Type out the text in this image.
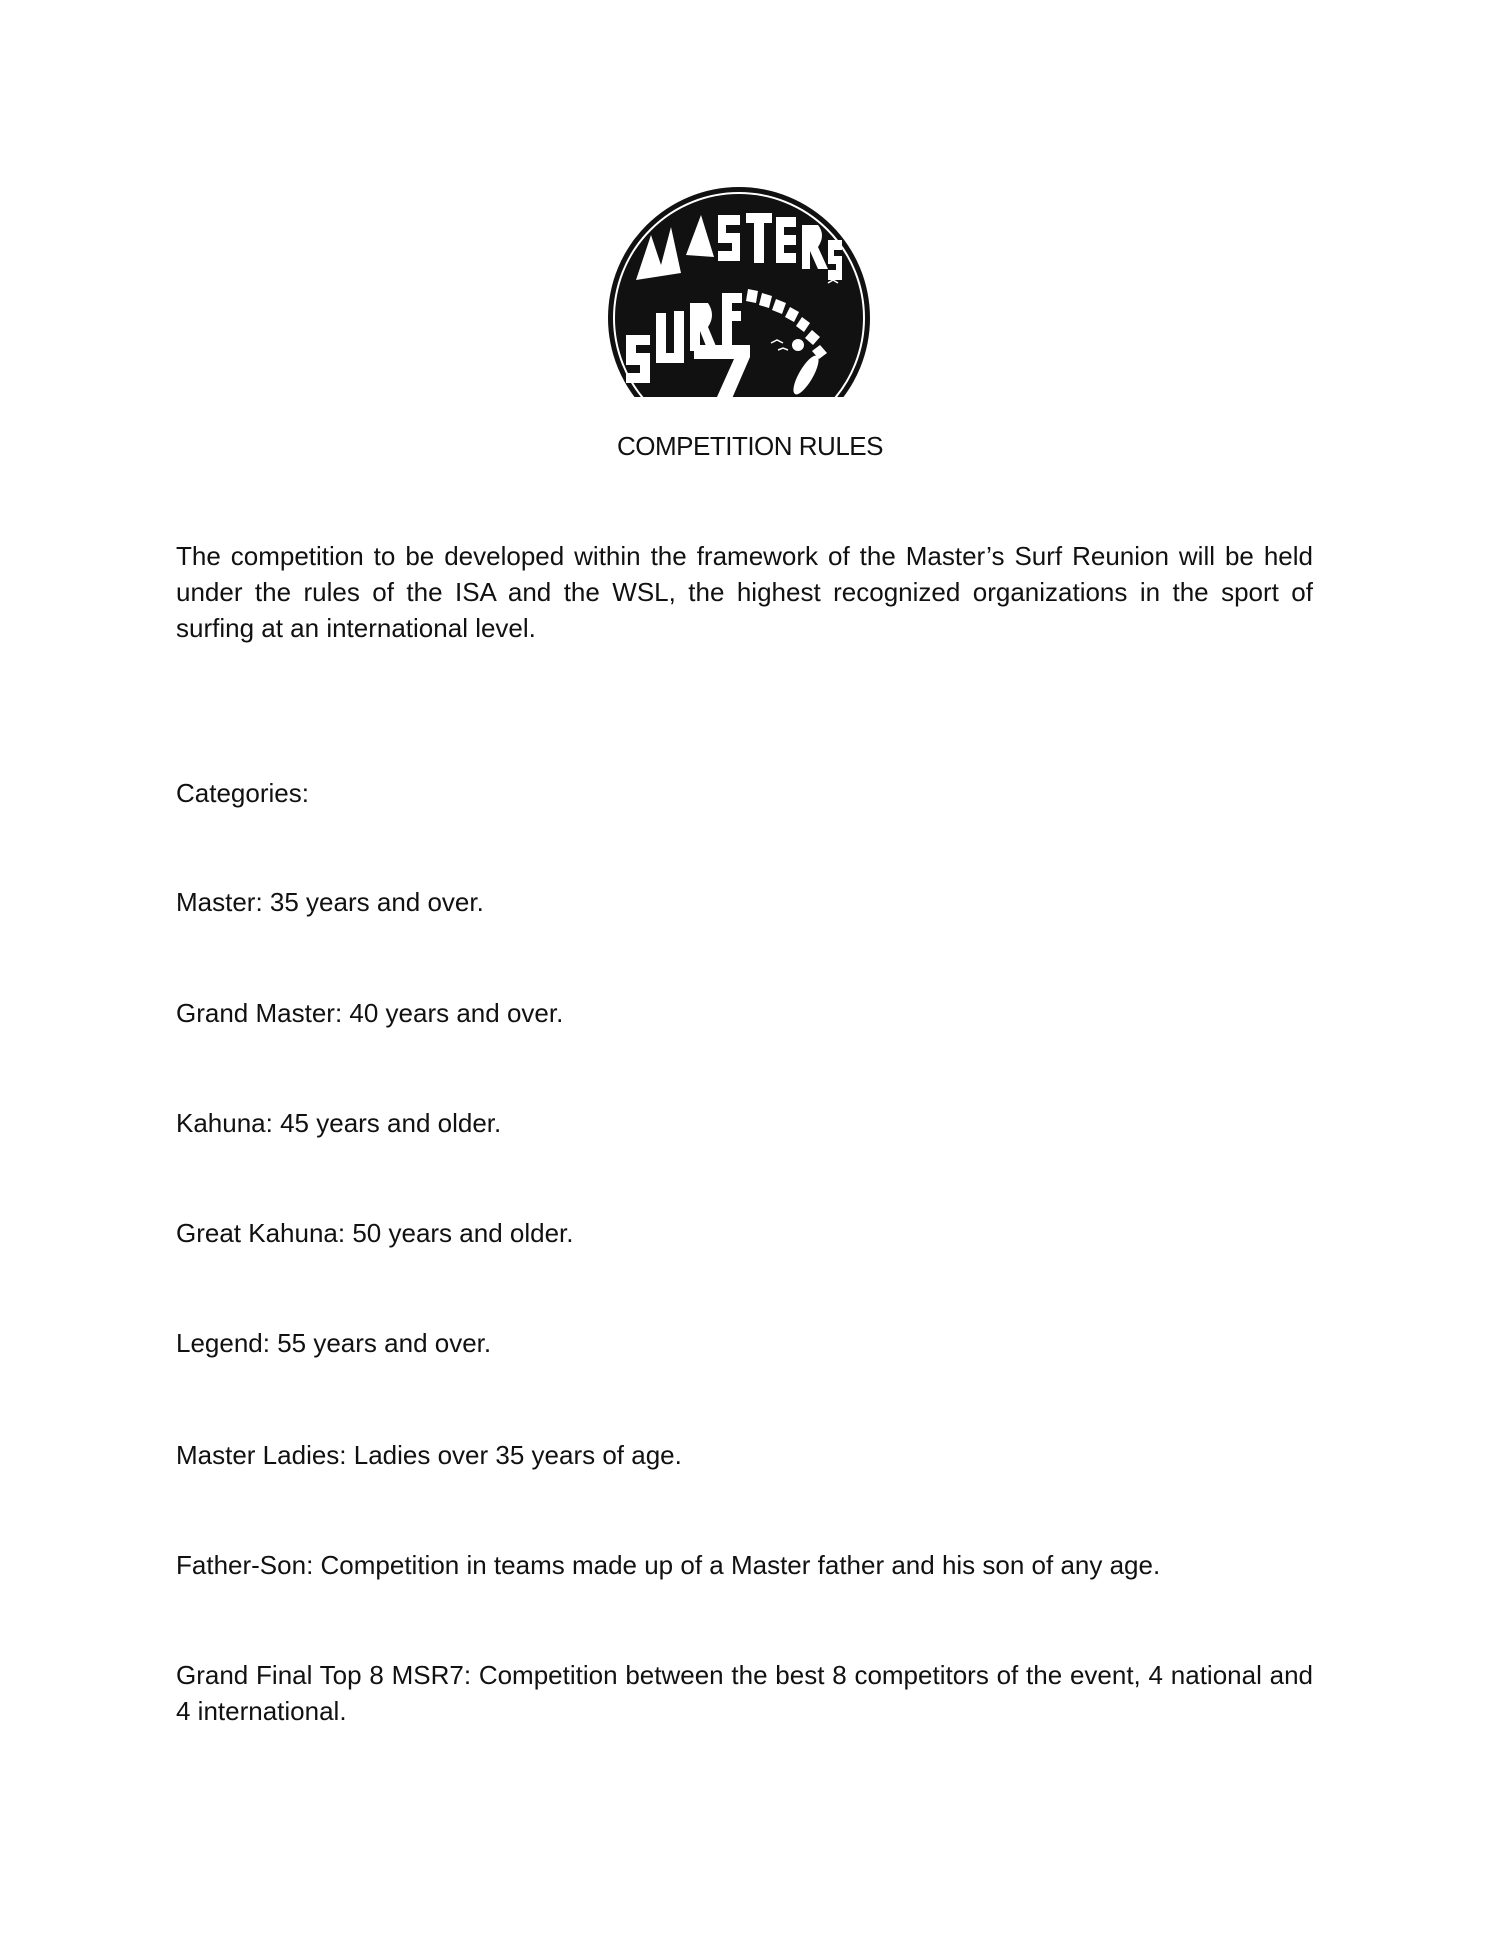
COMPETITION RULES
The competition to be developed within the framework of the Master’s Surf Reunion will be held under the rules of the ISA and the WSL, the highest recognized organizations in the sport of surfing at an international level.
Categories:
Master: 35 years and over.
Grand Master: 40 years and over.
Kahuna: 45 years and older.
Great Kahuna: 50 years and older.
Legend: 55 years and over.
Master Ladies: Ladies over 35 years of age.
Father-Son: Competition in teams made up of a Master father and his son of any age.
Grand Final Top 8 MSR7: Competition between the best 8 competitors of the event, 4 national and 4 international.
